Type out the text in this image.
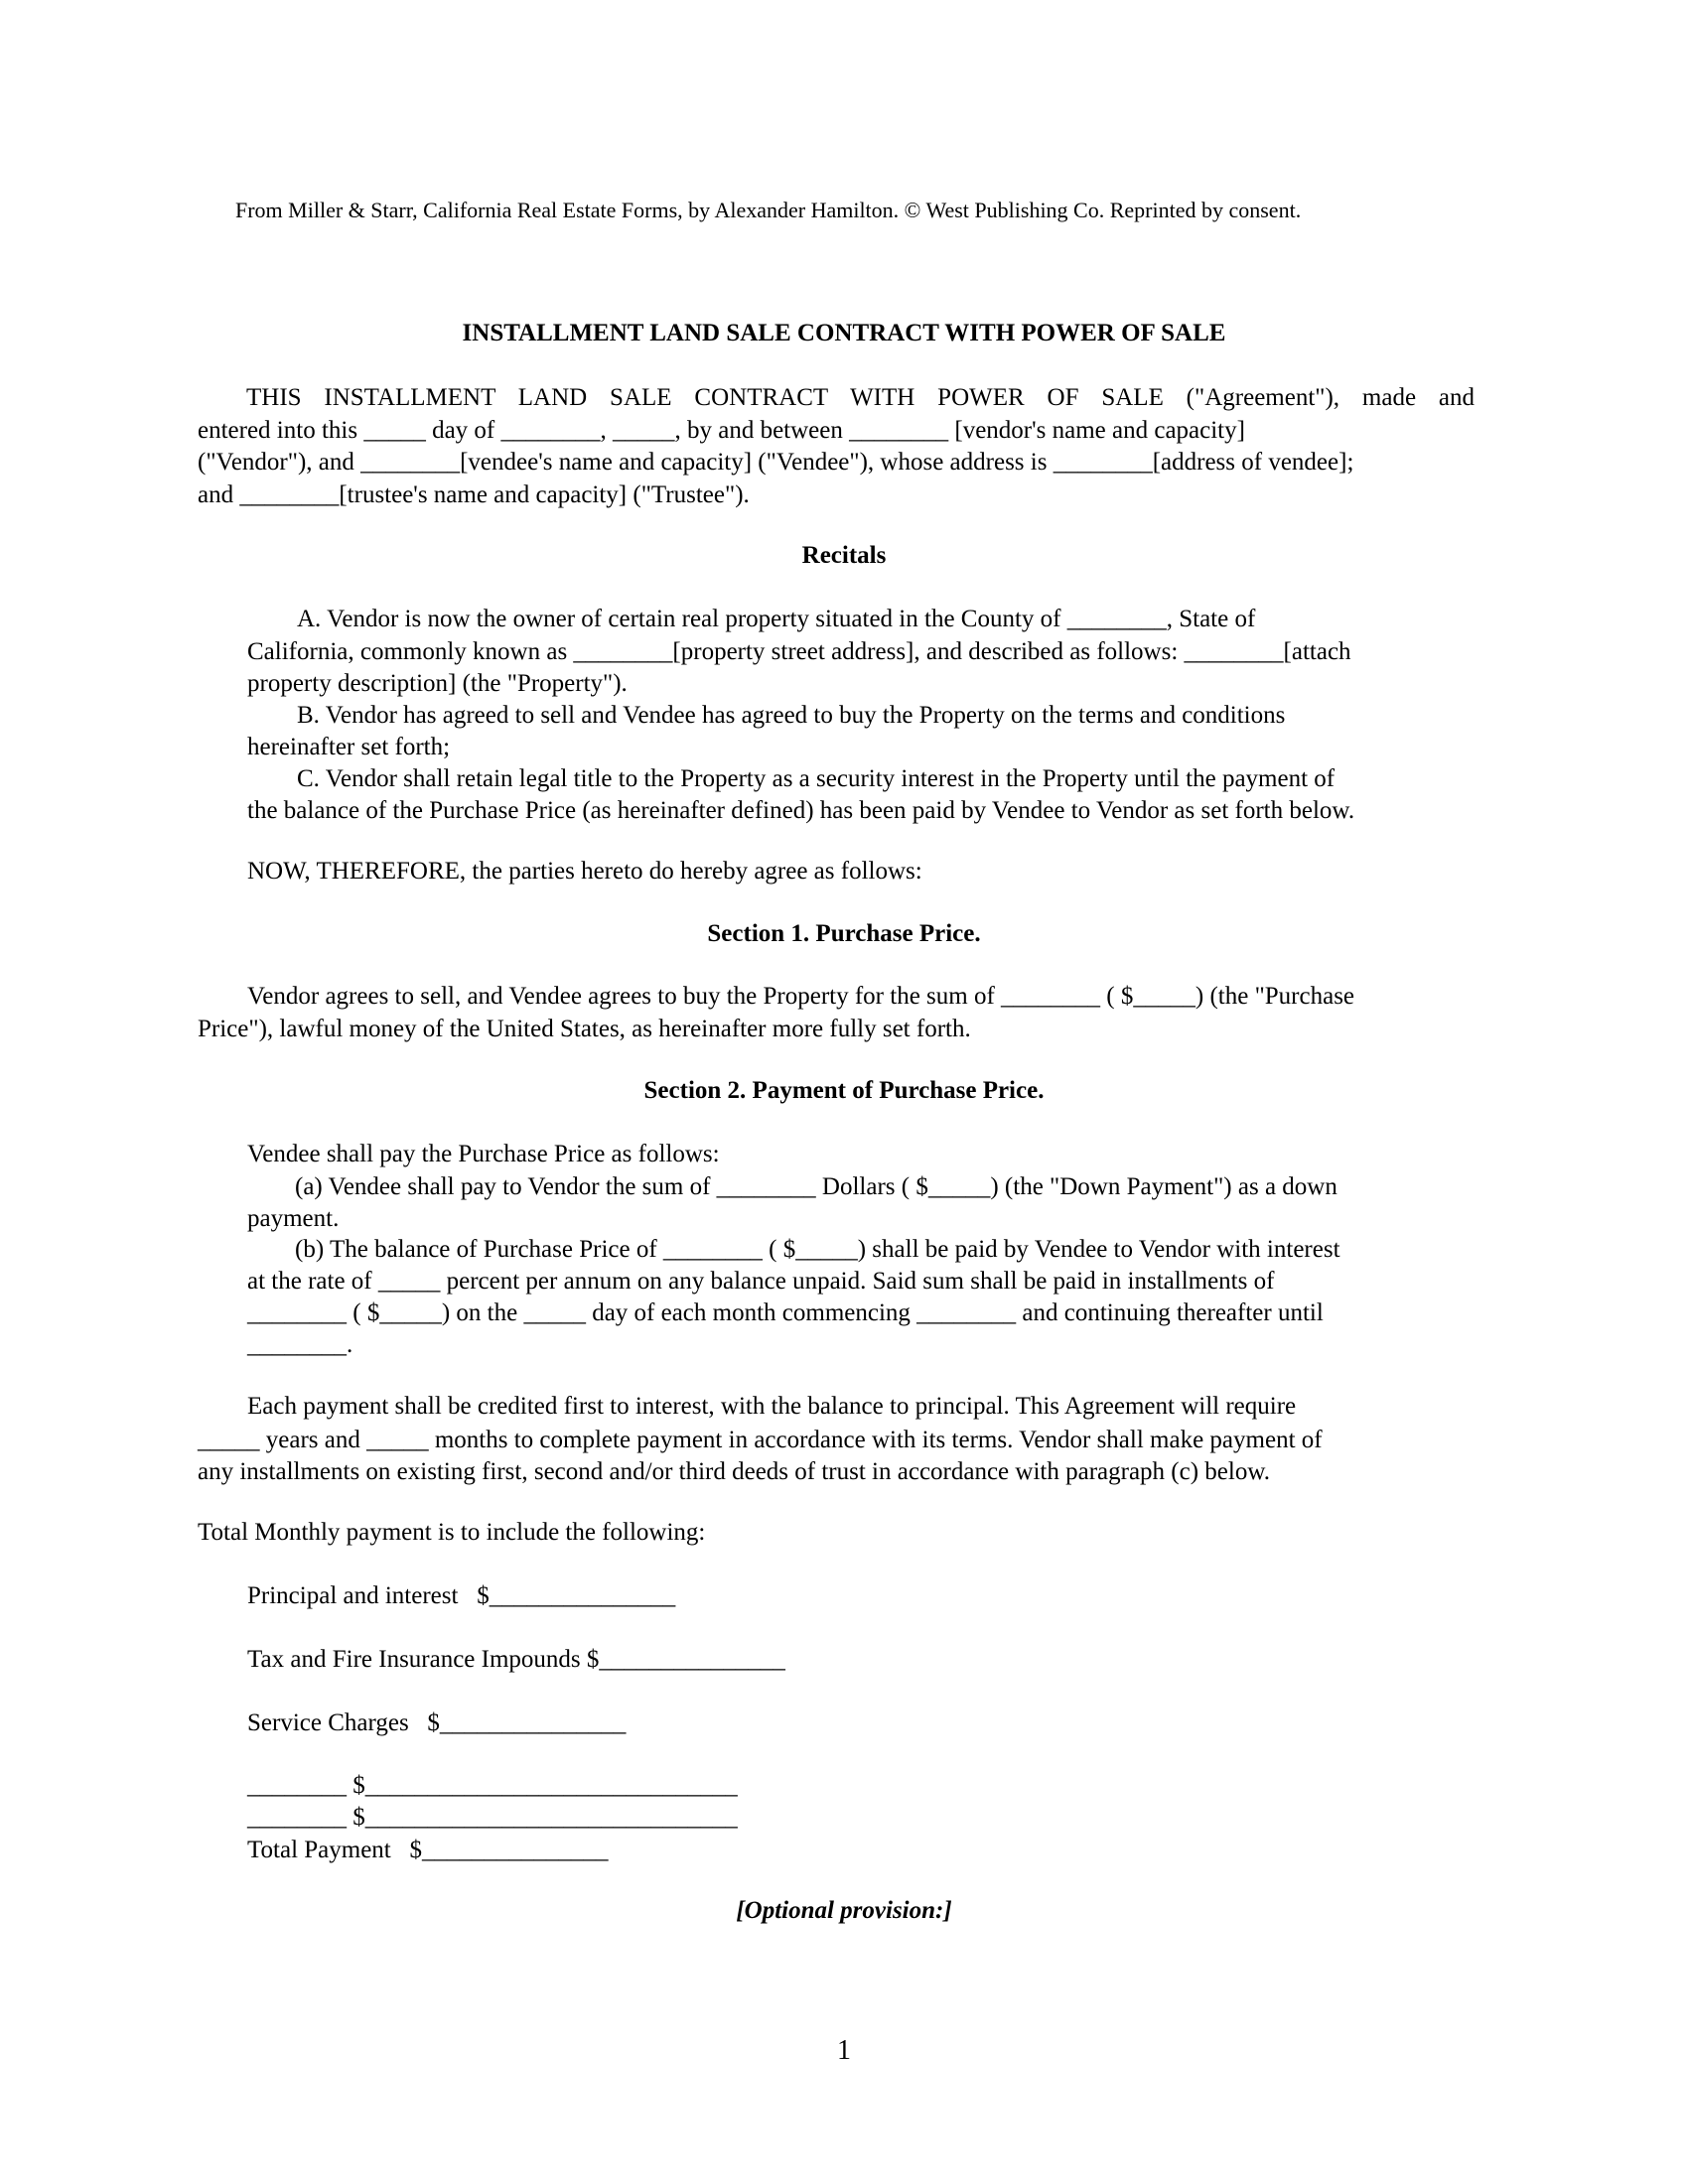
From Miller & Starr, California Real Estate Forms, by Alexander Hamilton. © West Publishing Co. Reprinted by consent.

INSTALLMENT LAND SALE CONTRACT WITH POWER OF SALE

THIS INSTALLMENT LAND SALE CONTRACT WITH POWER OF SALE ("Agreement"), made and

entered into this _____ day of ________, _____, by and between ________ [vendor's name and capacity]

("Vendor"), and ________[vendee's name and capacity] ("Vendee"), whose address is ________[address of vendee];

and ________[trustee's name and capacity] ("Trustee").

Recitals

A. Vendor is now the owner of certain real property situated in the County of ________, State of

California, commonly known as ________[property street address], and described as follows: ________[attach

property description] (the "Property").

B. Vendor has agreed to sell and Vendee has agreed to buy the Property on the terms and conditions

hereinafter set forth;

C. Vendor shall retain legal title to the Property as a security interest in the Property until the payment of

the balance of the Purchase Price (as hereinafter defined) has been paid by Vendee to Vendor as set forth below.

NOW, THEREFORE, the parties hereto do hereby agree as follows:

Section 1. Purchase Price.

Vendor agrees to sell, and Vendee agrees to buy the Property for the sum of ________ ( $_____) (the "Purchase

Price"), lawful money of the United States, as hereinafter more fully set forth.

Section 2. Payment of Purchase Price.

Vendee shall pay the Purchase Price as follows:

(a) Vendee shall pay to Vendor the sum of ________ Dollars ( $_____) (the "Down Payment") as a down

payment.

(b) The balance of Purchase Price of ________ ( $_____) shall be paid by Vendee to Vendor with interest

at the rate of _____ percent per annum on any balance unpaid. Said sum shall be paid in installments of

________ ( $_____) on the _____ day of each month commencing ________ and continuing thereafter until

________.

Each payment shall be credited first to interest, with the balance to principal. This Agreement will require

_____ years and _____ months to complete payment in accordance with its terms. Vendor shall make payment of

any installments on existing first, second and/or third deeds of trust in accordance with paragraph (c) below.

Total Monthly payment is to include the following:

Principal and interest   $_______________

Tax and Fire Insurance Impounds $_______________

Service Charges   $_______________

________ $______________________________

________ $______________________________

Total Payment   $_______________

[Optional provision:]

1
